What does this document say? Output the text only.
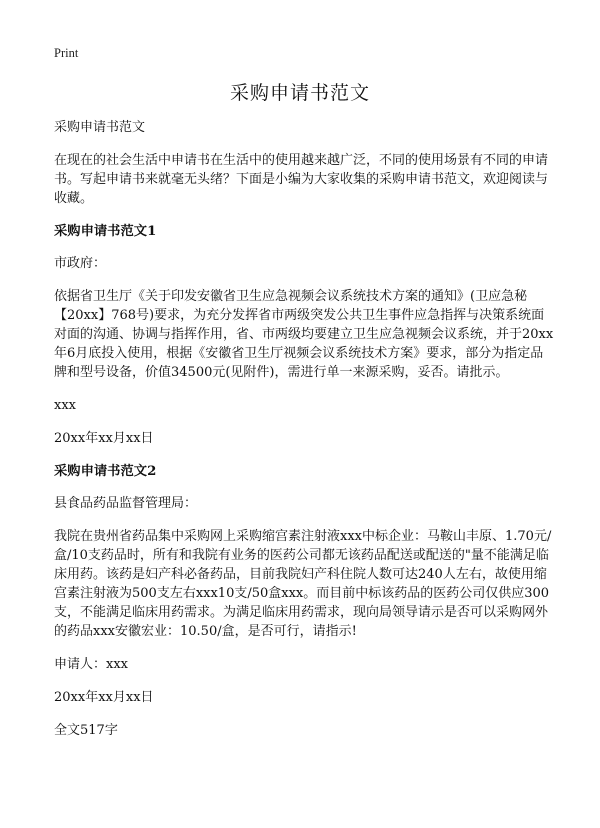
Print
采购申请书范文

采购申请书范文

在现在的社会生活中申请书在生活中的使用越来越广泛，不同的使用场景有不同的申请书。写起申请书来就毫无头绪？下面是小编为大家收集的采购申请书范文，欢迎阅读与收藏。

采购申请书范文1

市政府：

依据省卫生厅《关于印发安徽省卫生应急视频会议系统技术方案的通知》(卫应急秘【20xx】768号)要求，为充分发挥省市两级突发公共卫生事件应急指挥与决策系统面对面的沟通、协调与指挥作用，省、市两级均要建立卫生应急视频会议系统，并于20xx年6月底投入使用，根据《安徽省卫生厅视频会议系统技术方案》要求，部分为指定品牌和型号设备，价值34500元(见附件)，需进行单一来源采购，妥否。请批示。

xxx

20xx年xx月xx日

采购申请书范文2

县食品药品监督管理局：

我院在贵州省药品集中采购网上采购缩宫素注射液xxx中标企业：马鞍山丰原、1.70元/盒/10支药品时，所有和我院有业务的医药公司都无该药品配送或配送的"量不能满足临床用药。该药是妇产科必备药品，目前我院妇产科住院人数可达240人左右，故使用缩宫素注射液为500支左右xxx10支/50盒xxx。而目前中标该药品的医药公司仅供应300支，不能满足临床用药需求。为满足临床用药需求，现向局领导请示是否可以采购网外的药品xxx安徽宏业：10.50/盒，是否可行，请指示!

申请人：xxx

20xx年xx月xx日

全文517字
